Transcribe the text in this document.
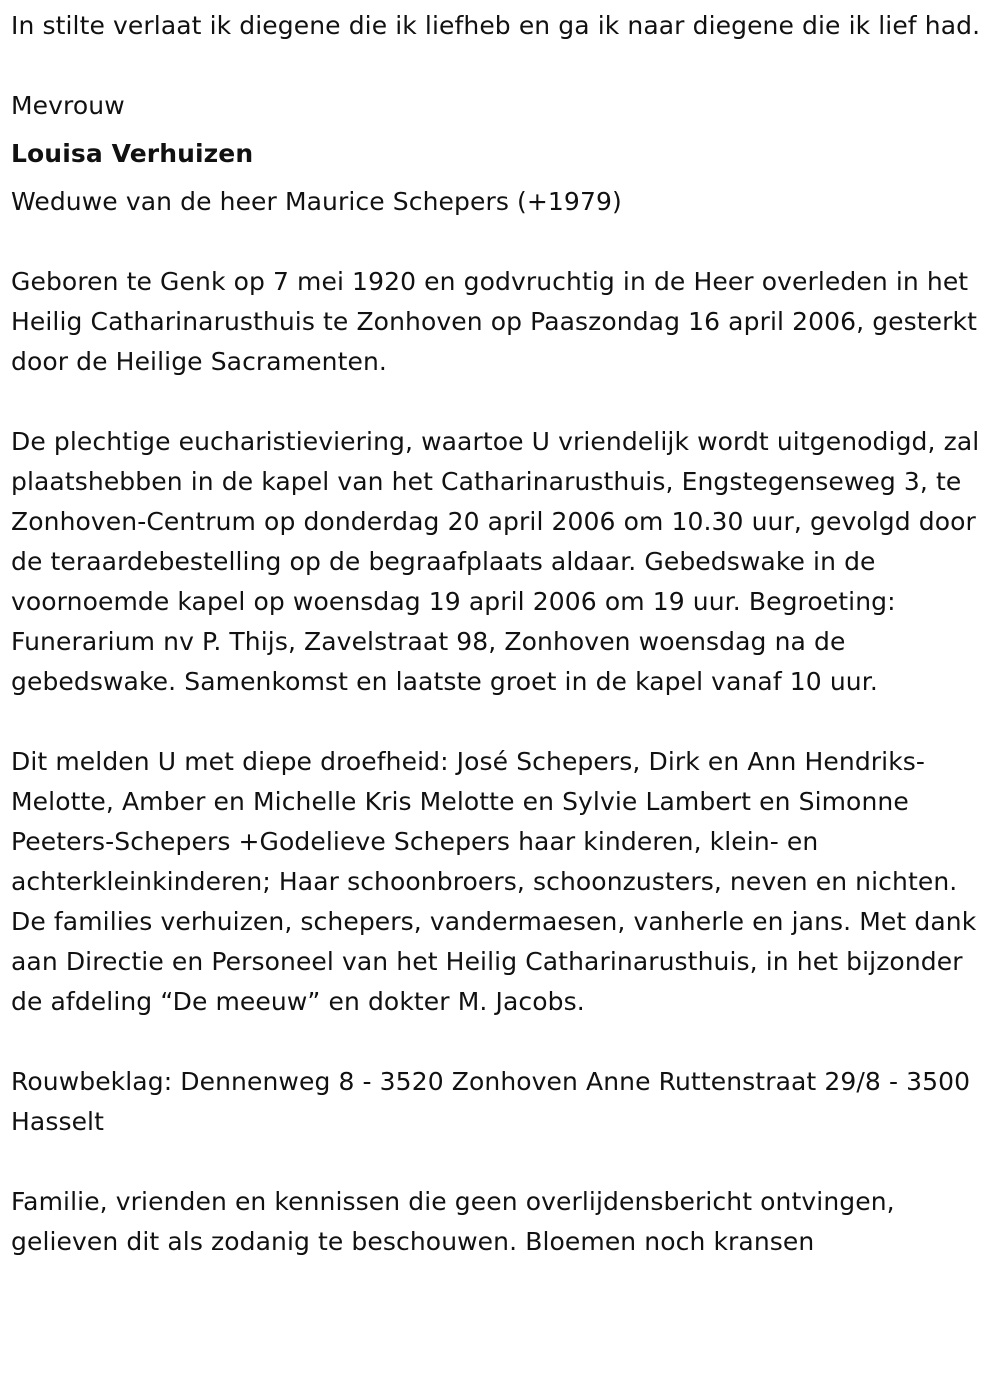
In stilte verlaat ik diegene die ik liefheb en ga ik naar diegene die ik lief had.

Mevrouw

Louisa Verhuizen

Weduwe van de heer Maurice Schepers (+1979)

Geboren te Genk op 7 mei 1920 en godvruchtig in de Heer overleden in het Heilig Catharinarusthuis te Zonhoven op Paaszondag 16 april 2006, gesterkt door de Heilige Sacramenten.

De plechtige eucharistieviering, waartoe U vriendelijk wordt uitgenodigd, zal plaatshebben in de kapel van het Catharinarusthuis, Engstegenseweg 3, te Zonhoven-Centrum op donderdag 20 april 2006 om 10.30 uur, gevolgd door de teraardebestelling op de begraafplaats aldaar. Gebedswake in de voornoemde kapel op woensdag 19 april 2006 om 19 uur. Begroeting: Funerarium nv P. Thijs, Zavelstraat 98, Zonhoven woensdag na de gebedswake. Samenkomst en laatste groet in de kapel vanaf 10 uur.

Dit melden U met diepe droefheid: José Schepers, Dirk en Ann Hendriks-Melotte, Amber en Michelle Kris Melotte en Sylvie Lambert en Simonne Peeters-Schepers +Godelieve Schepers haar kinderen, klein- en achterkleinkinderen; Haar schoonbroers, schoonzusters, neven en nichten. De families verhuizen, schepers, vandermaesen, vanherle en jans. Met dank aan Directie en Personeel van het Heilig Catharinarusthuis, in het bijzonder de afdeling “De meeuw” en dokter M. Jacobs.

Rouwbeklag: Dennenweg 8 - 3520 Zonhoven Anne Ruttenstraat 29/8 - 3500 Hasselt

Familie, vrienden en kennissen die geen overlijdensbericht ontvingen, gelieven dit als zodanig te beschouwen. Bloemen noch kransen
